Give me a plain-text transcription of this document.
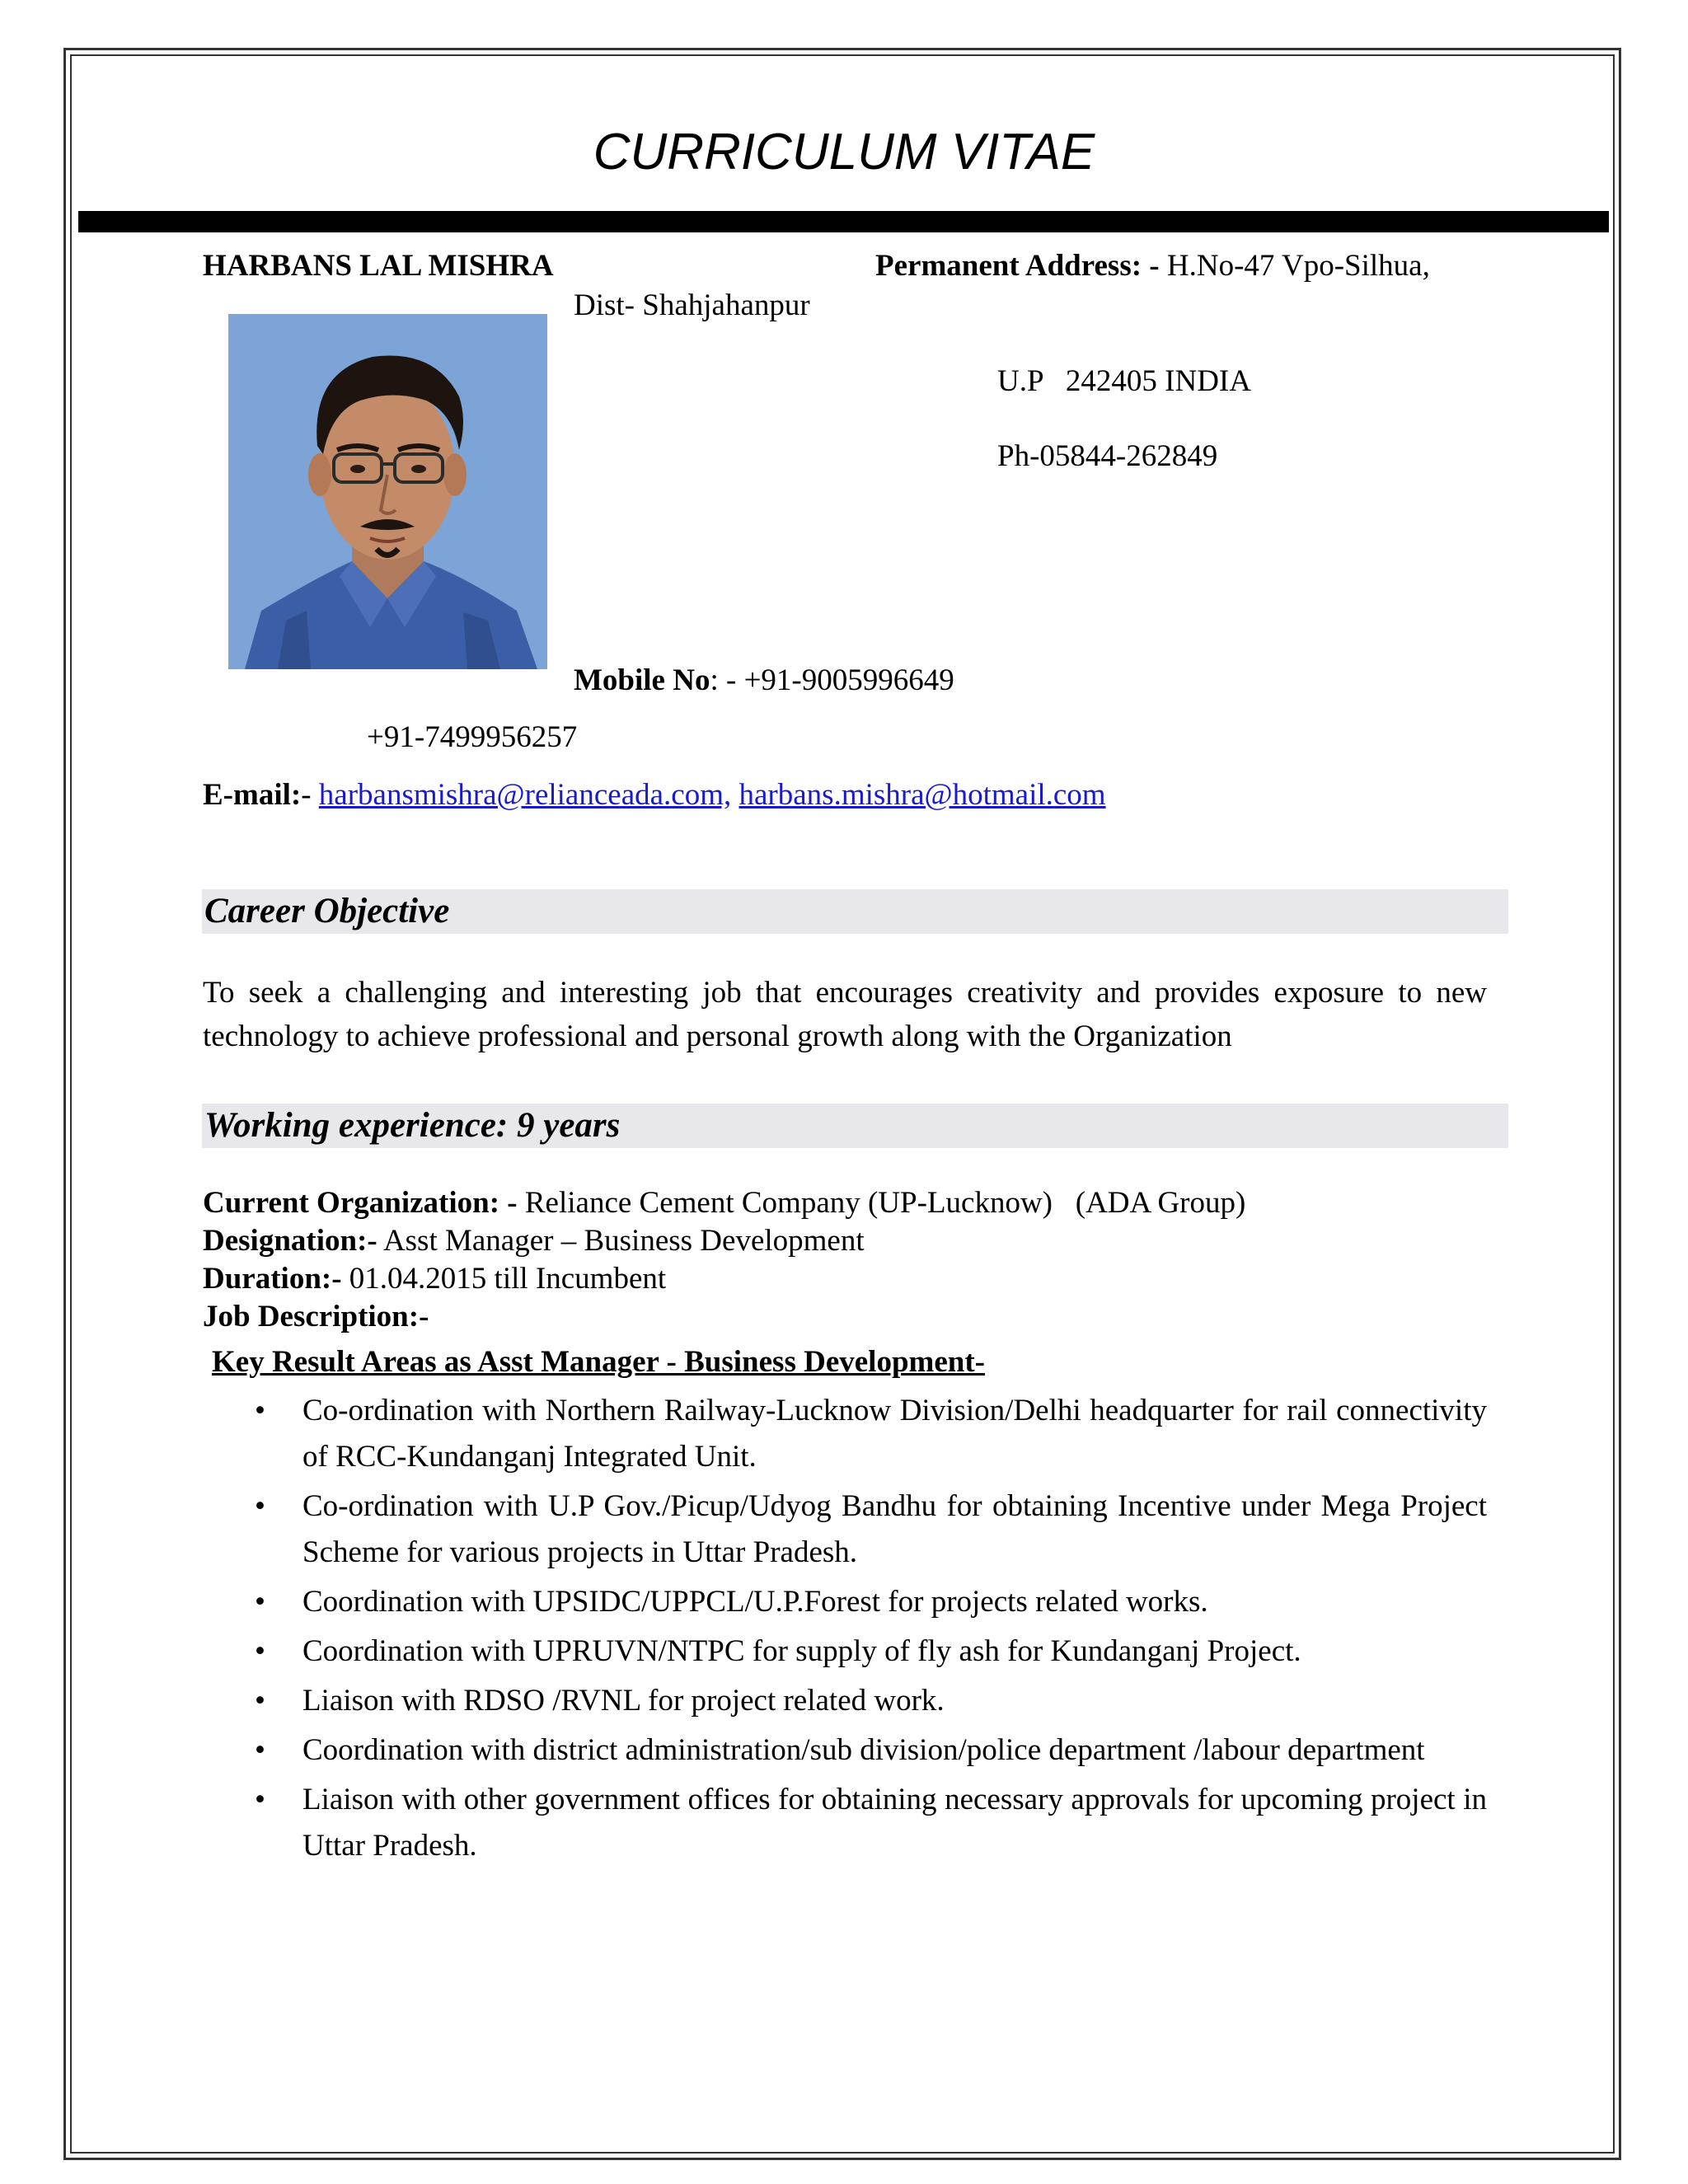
CURRICULUM VITAE
HARBANS LAL MISHRA	Permanent Address: - H.No-47 Vpo-Silhua,
Dist- Shahjahanpur
U.P   242405 INDIA
Ph-05844-262849
Mobile No: - +91-9005996649
+91-7499956257
E-mail:- harbansmishra@relianceada.com, harbans.mishra@hotmail.com
Career Objective
To seek a challenging and interesting job that encourages creativity and provides exposure to new technology to achieve professional and personal growth along with the Organization
Working experience: 9 years
Current Organization: - Reliance Cement Company (UP-Lucknow)   (ADA Group)
Designation:- Asst Manager – Business Development
Duration:- 01.04.2015 till Incumbent
Job Description:-
Key Result Areas as Asst Manager - Business Development-
• Co-ordination with Northern Railway-Lucknow Division/Delhi headquarter for rail connectivity of RCC-Kundanganj Integrated Unit.
• Co-ordination with U.P Gov./Picup/Udyog Bandhu for obtaining Incentive under Mega Project Scheme for various projects in Uttar Pradesh.
• Coordination with UPSIDC/UPPCL/U.P.Forest for projects related works.
• Coordination with UPRUVN/NTPC for supply of fly ash for Kundanganj Project.
• Liaison with RDSO /RVNL for project related work.
• Coordination with district administration/sub division/police department /labour department
• Liaison with other government offices for obtaining necessary approvals for upcoming project in Uttar Pradesh.
